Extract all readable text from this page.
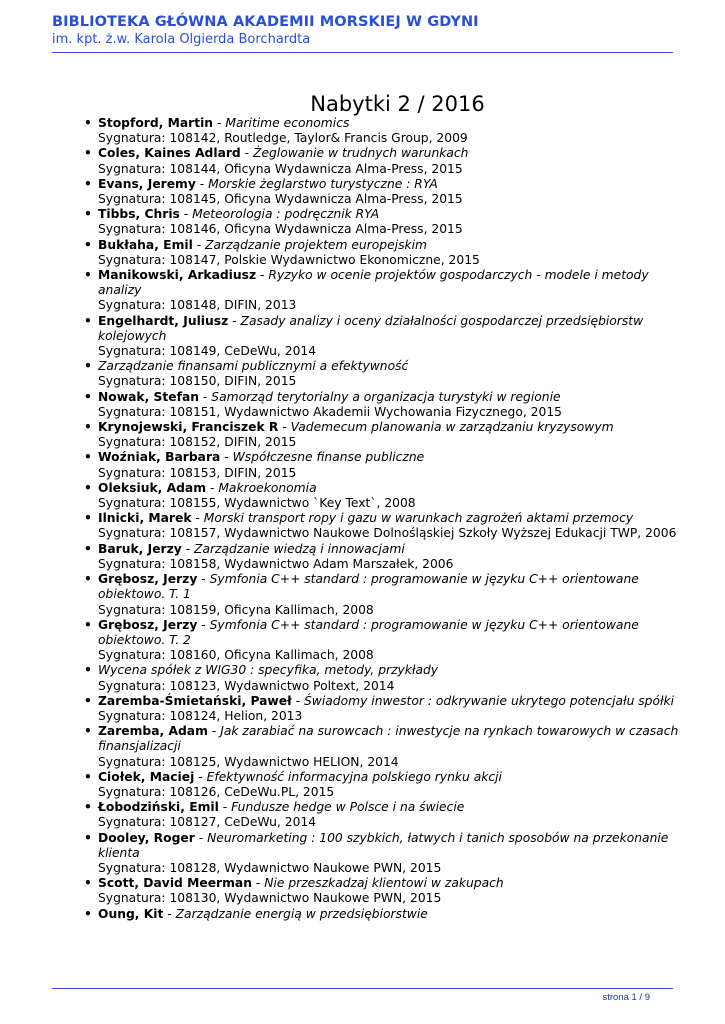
BIBLIOTEKA GŁÓWNA AKADEMII MORSKIEJ W GDYNI
im. kpt. ż.w. Karola Olgierda Borchardta
Nabytki 2 / 2016
• Stopford, Martin - Maritime economics
Sygnatura: 108142, Routledge, Taylor& Francis Group, 2009
• Coles, Kaines Adlard - Żeglowanie w trudnych warunkach
Sygnatura: 108144, Oficyna Wydawnicza Alma-Press, 2015
• Evans, Jeremy - Morskie żeglarstwo turystyczne : RYA
Sygnatura: 108145, Oficyna Wydawnicza Alma-Press, 2015
• Tibbs, Chris - Meteorologia : podręcznik RYA
Sygnatura: 108146, Oficyna Wydawnicza Alma-Press, 2015
• Bukłaha, Emil - Zarządzanie projektem europejskim
Sygnatura: 108147, Polskie Wydawnictwo Ekonomiczne, 2015
• Manikowski, Arkadiusz - Ryzyko w ocenie projektów gospodarczych - modele i metody analizy
Sygnatura: 108148, DIFIN, 2013
• Engelhardt, Juliusz - Zasady analizy i oceny działalności gospodarczej przedsiębiorstw kolejowych
Sygnatura: 108149, CeDeWu, 2014
• Zarządzanie finansami publicznymi a efektywność
Sygnatura: 108150, DIFIN, 2015
• Nowak, Stefan - Samorząd terytorialny a organizacja turystyki w regionie
Sygnatura: 108151, Wydawnictwo Akademii Wychowania Fizycznego, 2015
• Krynojewski, Franciszek R - Vademecum planowania w zarządzaniu kryzysowym
Sygnatura: 108152, DIFIN, 2015
• Woźniak, Barbara - Współczesne finanse publiczne
Sygnatura: 108153, DIFIN, 2015
• Oleksiuk, Adam - Makroekonomia
Sygnatura: 108155, Wydawnictwo `Key Text`, 2008
• Ilnicki, Marek - Morski transport ropy i gazu w warunkach zagrożeń aktami przemocy
Sygnatura: 108157, Wydawnictwo Naukowe Dolnośląskiej Szkoły Wyższej Edukacji TWP, 2006
• Baruk, Jerzy - Zarządzanie wiedzą i innowacjami
Sygnatura: 108158, Wydawnictwo Adam Marszałek, 2006
• Grębosz, Jerzy - Symfonia C++ standard : programowanie w języku C++ orientowane obiektowo. T. 1
Sygnatura: 108159, Oficyna Kallimach, 2008
• Grębosz, Jerzy - Symfonia C++ standard : programowanie w języku C++ orientowane obiektowo. T. 2
Sygnatura: 108160, Oficyna Kallimach, 2008
• Wycena spółek z WIG30 : specyfika, metody, przykłady
Sygnatura: 108123, Wydawnictwo Poltext, 2014
• Zaremba-Śmietański, Paweł - Świadomy inwestor : odkrywanie ukrytego potencjału spółki
Sygnatura: 108124, Helion, 2013
• Zaremba, Adam - Jak zarabiać na surowcach : inwestycje na rynkach towarowych w czasach finansjalizacji
Sygnatura: 108125, Wydawnictwo HELION, 2014
• Ciołek, Maciej - Efektywność informacyjna polskiego rynku akcji
Sygnatura: 108126, CeDeWu.PL, 2015
• Łobodziński, Emil - Fundusze hedge w Polsce i na świecie
Sygnatura: 108127, CeDeWu, 2014
• Dooley, Roger - Neuromarketing : 100 szybkich, łatwych i tanich sposobów na przekonanie klienta
Sygnatura: 108128, Wydawnictwo Naukowe PWN, 2015
• Scott, David Meerman - Nie przeszkadzaj klientowi w zakupach
Sygnatura: 108130, Wydawnictwo Naukowe PWN, 2015
• Oung, Kit - Zarządzanie energią w przedsiębiorstwie
strona 1 / 9
